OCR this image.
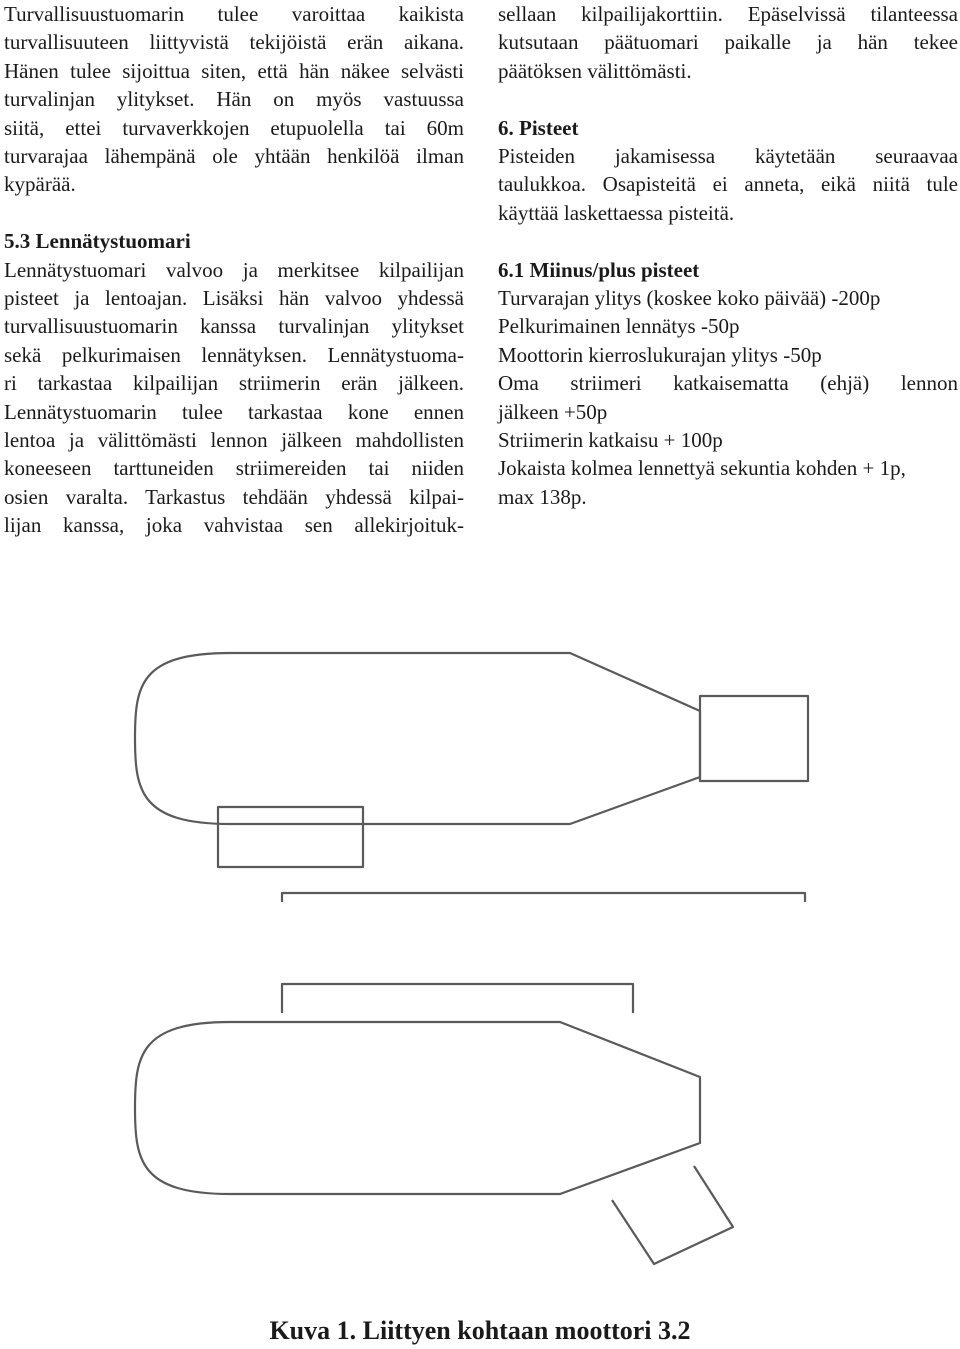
Turvallisuustuomarin tulee varoittaa kaikista

turvallisuuteen liittyvistä tekijöistä erän aikana.

Hänen tulee sijoittua siten, että hän näkee selvästi

turvalinjan ylitykset. Hän on myös vastuussa

siitä, ettei turvaverkkojen etupuolella tai 60m

turvarajaa lähempänä ole yhtään henkilöä ilman

kypärää.

5.3 Lennätystuomari

Lennätystuomari valvoo ja merkitsee kilpailijan

pisteet ja lentoajan. Lisäksi hän valvoo yhdessä

turvallisuustuomarin kanssa turvalinjan ylitykset

sekä pelkurimaisen lennätyksen. Lennätystuoma-

ri tarkastaa kilpailijan striimerin erän jälkeen.

Lennätystuomarin tulee tarkastaa kone ennen

lentoa ja välittömästi lennon jälkeen mahdollisten

koneeseen tarttuneiden striimereiden tai niiden

osien varalta. Tarkastus tehdään yhdessä kilpai-

lijan kanssa, joka vahvistaa sen allekirjoituk-

sellaan kilpailijakorttiin. Epäselvissä tilanteessa

kutsutaan päätuomari paikalle ja hän tekee

päätöksen välittömästi.

6. Pisteet

Pisteiden jakamisessa käytetään seuraavaa

taulukkoa. Osapisteitä ei anneta, eikä niitä tule

käyttää laskettaessa pisteitä.

6.1 Miinus/plus pisteet

Turvarajan ylitys (koskee koko päivää) -200p

Pelkurimainen lennätys -50p

Moottorin kierroslukurajan ylitys -50p

Oma striimeri katkaisematta (ehjä) lennon

jälkeen +50p

Striimerin katkaisu + 100p

Jokaista kolmea lennettyä sekuntia kohden + 1p,

max 138p.

Kuva 1. Liittyen kohtaan moottori 3.2
